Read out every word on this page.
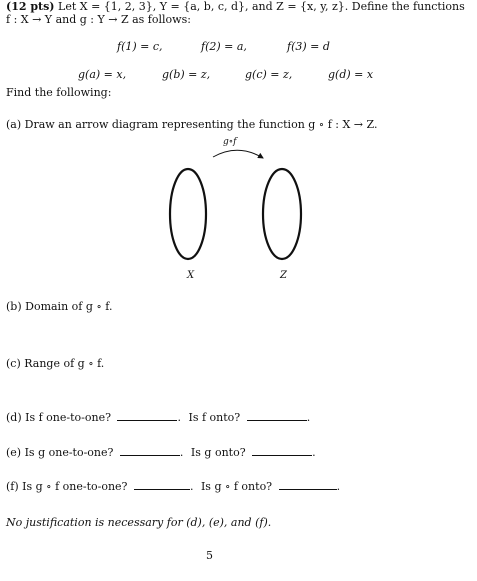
(12 pts) Let X = {1, 2, 3}, Y = {a, b, c, d}, and Z = {x, y, z}. Define the functions
f : X → Y and g : Y → Z as follows:
f(1) = c,	f(2) = a,	f(3) = d
g(a) = x,	g(b) = z,	g(c) = z,	g(d) = x
Find the following:
(a) Draw an arrow diagram representing the function g ∘ f : X → Z.
g∘f
X	Z
(b) Domain of g ∘ f.
(c) Range of g ∘ f.
(d) Is f one-to-one?	. Is f onto?	.
(e) Is g one-to-one?	. Is g onto?	.
(f) Is g ∘ f one-to-one?	. Is g ∘ f onto?	.
No justification is necessary for (d), (e), and (f).
5
